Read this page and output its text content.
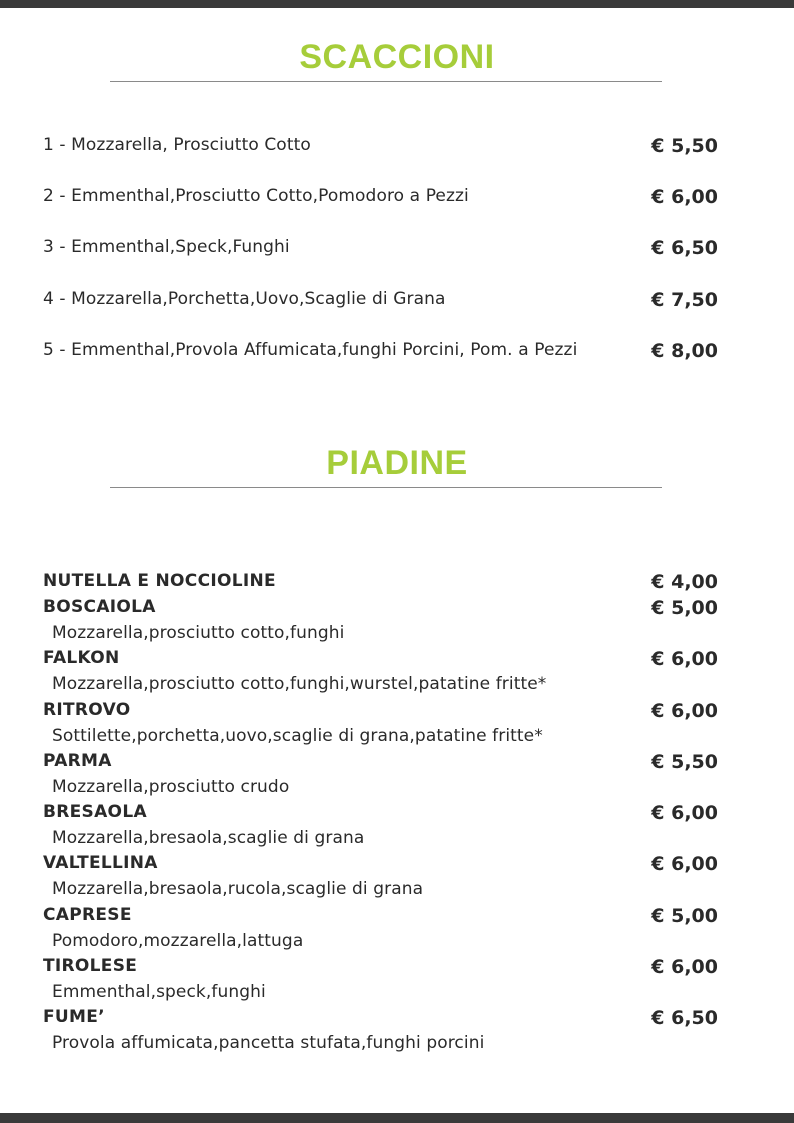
SCACCIONI
1 - Mozzarella, Prosciutto Cotto	€ 5,50
2 - Emmenthal,Prosciutto Cotto,Pomodoro a Pezzi	€ 6,00
3 - Emmenthal,Speck,Funghi	€ 6,50
4 - Mozzarella,Porchetta,Uovo,Scaglie di Grana	€ 7,50
5 - Emmenthal,Provola Affumicata,funghi Porcini, Pom. a Pezzi	€ 8,00
PIADINE
NUTELLA E NOCCIOLINE	€ 4,00
BOSCAIOLA	€ 5,00
Mozzarella,prosciutto cotto,funghi
FALKON	€ 6,00
Mozzarella,prosciutto cotto,funghi,wurstel,patatine fritte*
RITROVO	€ 6,00
Sottilette,porchetta,uovo,scaglie di grana,patatine fritte*
PARMA	€ 5,50
Mozzarella,prosciutto crudo
BRESAOLA	€ 6,00
Mozzarella,bresaola,scaglie di grana
VALTELLINA	€ 6,00
Mozzarella,bresaola,rucola,scaglie di grana
CAPRESE	€ 5,00
Pomodoro,mozzarella,lattuga
TIROLESE	€ 6,00
Emmenthal,speck,funghi
FUME’	€ 6,50
Provola affumicata,pancetta stufata,funghi porcini
